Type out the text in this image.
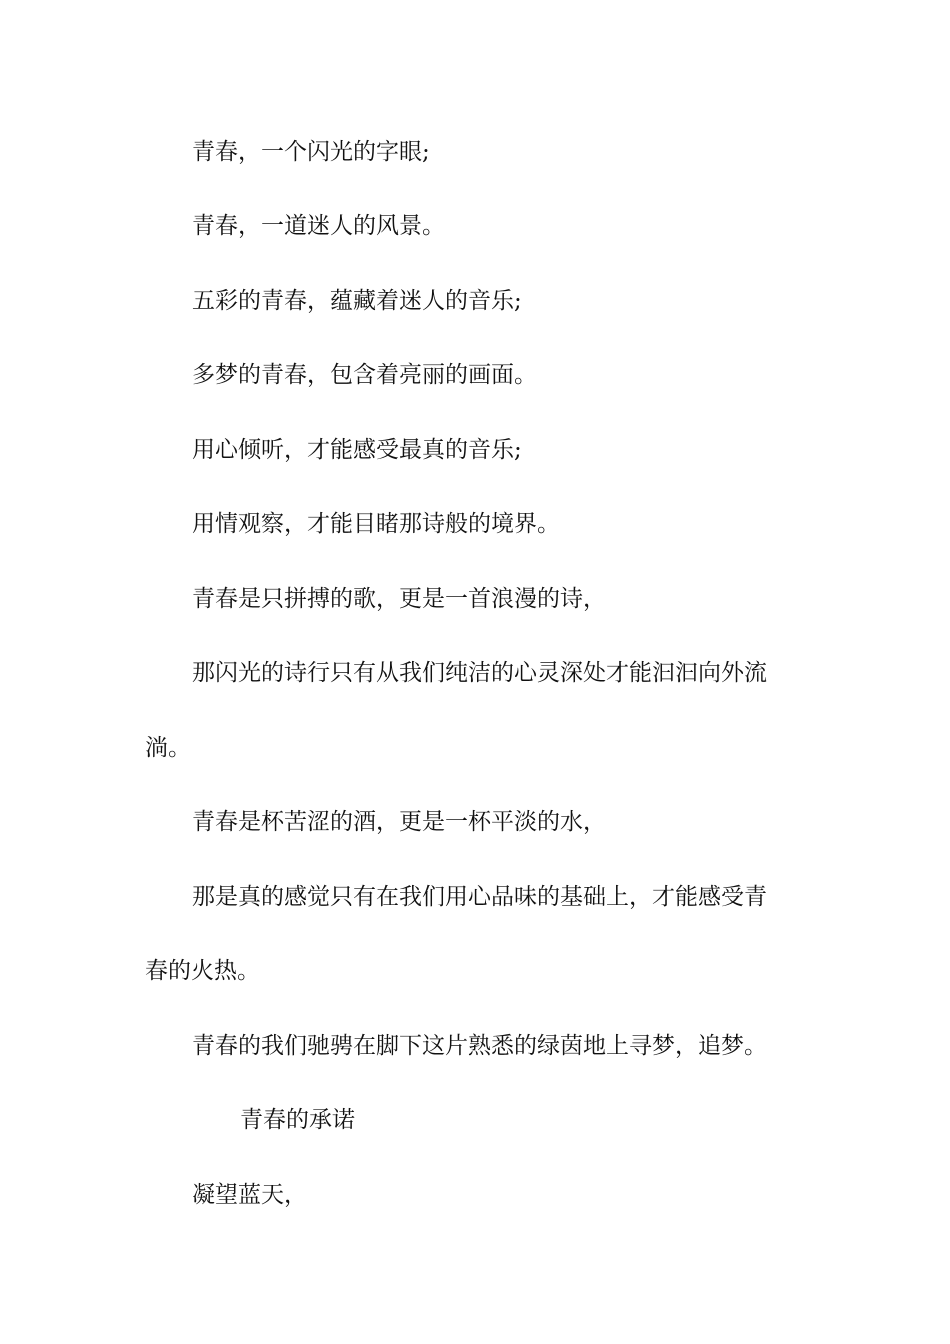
青春，一个闪光的字眼;

青春，一道迷人的风景。

五彩的青春，蕴藏着迷人的音乐;

多梦的青春，包含着亮丽的画面。

用心倾听，才能感受最真的音乐;

用情观察，才能目睹那诗般的境界。

青春是只拼搏的歌，更是一首浪漫的诗，

那闪光的诗行只有从我们纯洁的心灵深处才能汩汩向外流

淌。

青春是杯苦涩的酒，更是一杯平淡的水，

那是真的感觉只有在我们用心品味的基础上，才能感受青

春的火热。

青春的我们驰骋在脚下这片熟悉的绿茵地上寻梦，追梦。

青春的承诺

凝望蓝天，
